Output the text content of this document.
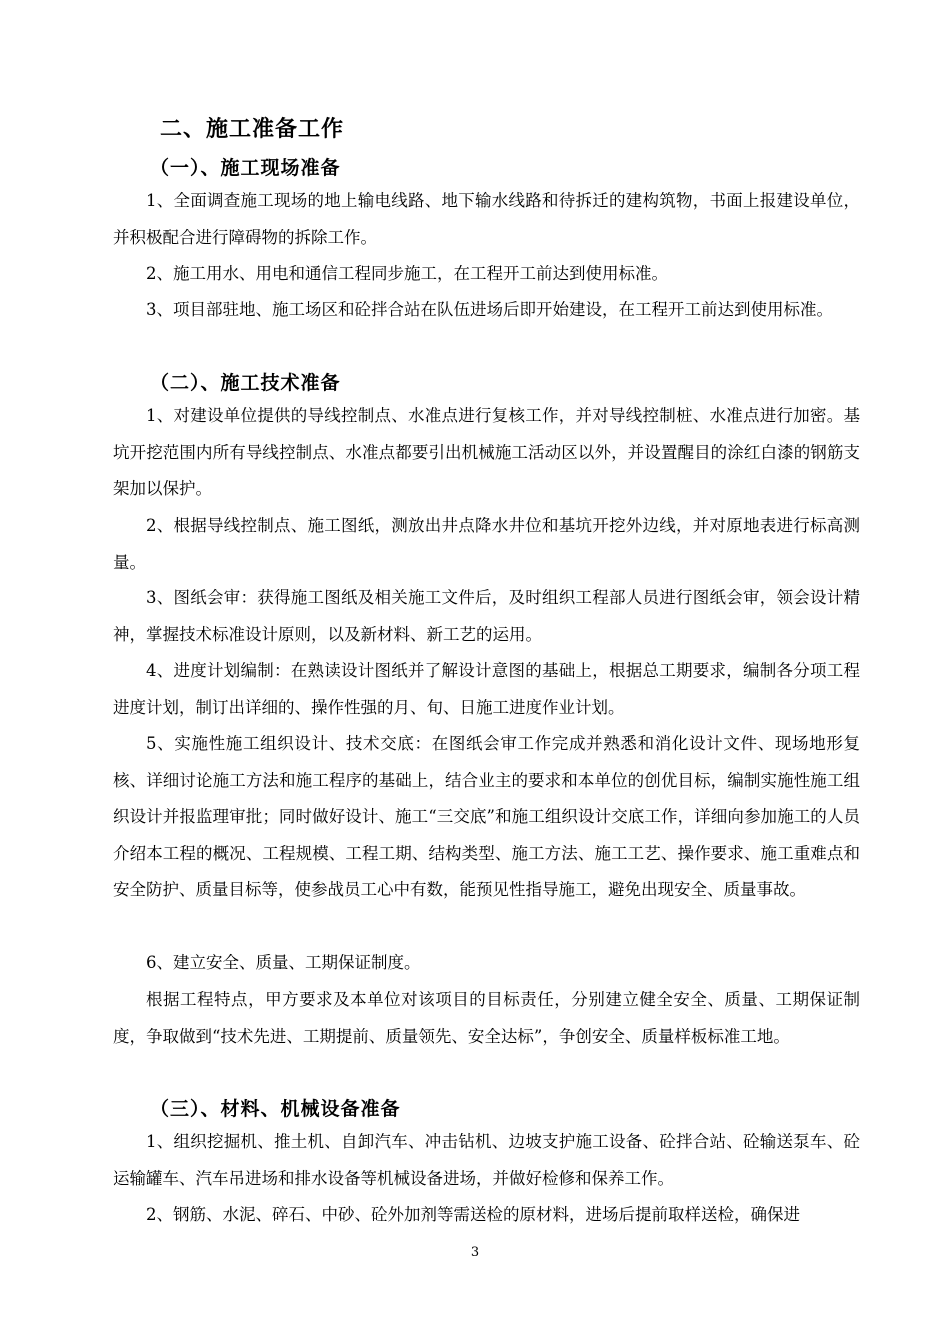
二、施工准备工作
（一）、施工现场准备

1、全面调查施工现场的地上输电线路、地下输水线路和待拆迁的建构筑物，书面上报建设单位，并积极配合进行障碍物的拆除工作。

2、施工用水、用电和通信工程同步施工，在工程开工前达到使用标准。

3、项目部驻地、施工场区和砼拌合站在队伍进场后即开始建设，在工程开工前达到使用标准。

（二）、施工技术准备

1、对建设单位提供的导线控制点、水准点进行复核工作，并对导线控制桩、水准点进行加密。基坑开挖范围内所有导线控制点、水准点都要引出机械施工活动区以外，并设置醒目的涂红白漆的钢筋支架加以保护。

2、根据导线控制点、施工图纸，测放出井点降水井位和基坑开挖外边线，并对原地表进行标高测量。

3、图纸会审：获得施工图纸及相关施工文件后，及时组织工程部人员进行图纸会审，领会设计精神，掌握技术标准设计原则，以及新材料、新工艺的运用。

4、进度计划编制：在熟读设计图纸并了解设计意图的基础上，根据总工期要求，编制各分项工程进度计划，制订出详细的、操作性强的月、旬、日施工进度作业计划。

5、实施性施工组织设计、技术交底：在图纸会审工作完成并熟悉和消化设计文件、现场地形复核、详细讨论施工方法和施工程序的基础上，结合业主的要求和本单位的创优目标，编制实施性施工组织设计并报监理审批；同时做好设计、施工“三交底”和施工组织设计交底工作，详细向参加施工的人员介绍本工程的概况、工程规模、工程工期、结构类型、施工方法、施工工艺、操作要求、施工重难点和安全防护、质量目标等，使参战员工心中有数，能预见性指导施工，避免出现安全、质量事故。

6、建立安全、质量、工期保证制度。

根据工程特点，甲方要求及本单位对该项目的目标责任，分别建立健全安全、质量、工期保证制度，争取做到“技术先进、工期提前、质量领先、安全达标”，争创安全、质量样板标准工地。

（三）、材料、机械设备准备

1、组织挖掘机、推土机、自卸汽车、冲击钻机、边坡支护施工设备、砼拌合站、砼输送泵车、砼运输罐车、汽车吊进场和排水设备等机械设备进场，并做好检修和保养工作。

2、钢筋、水泥、碎石、中砂、砼外加剂等需送检的原材料，进场后提前取样送检，确保进

3
